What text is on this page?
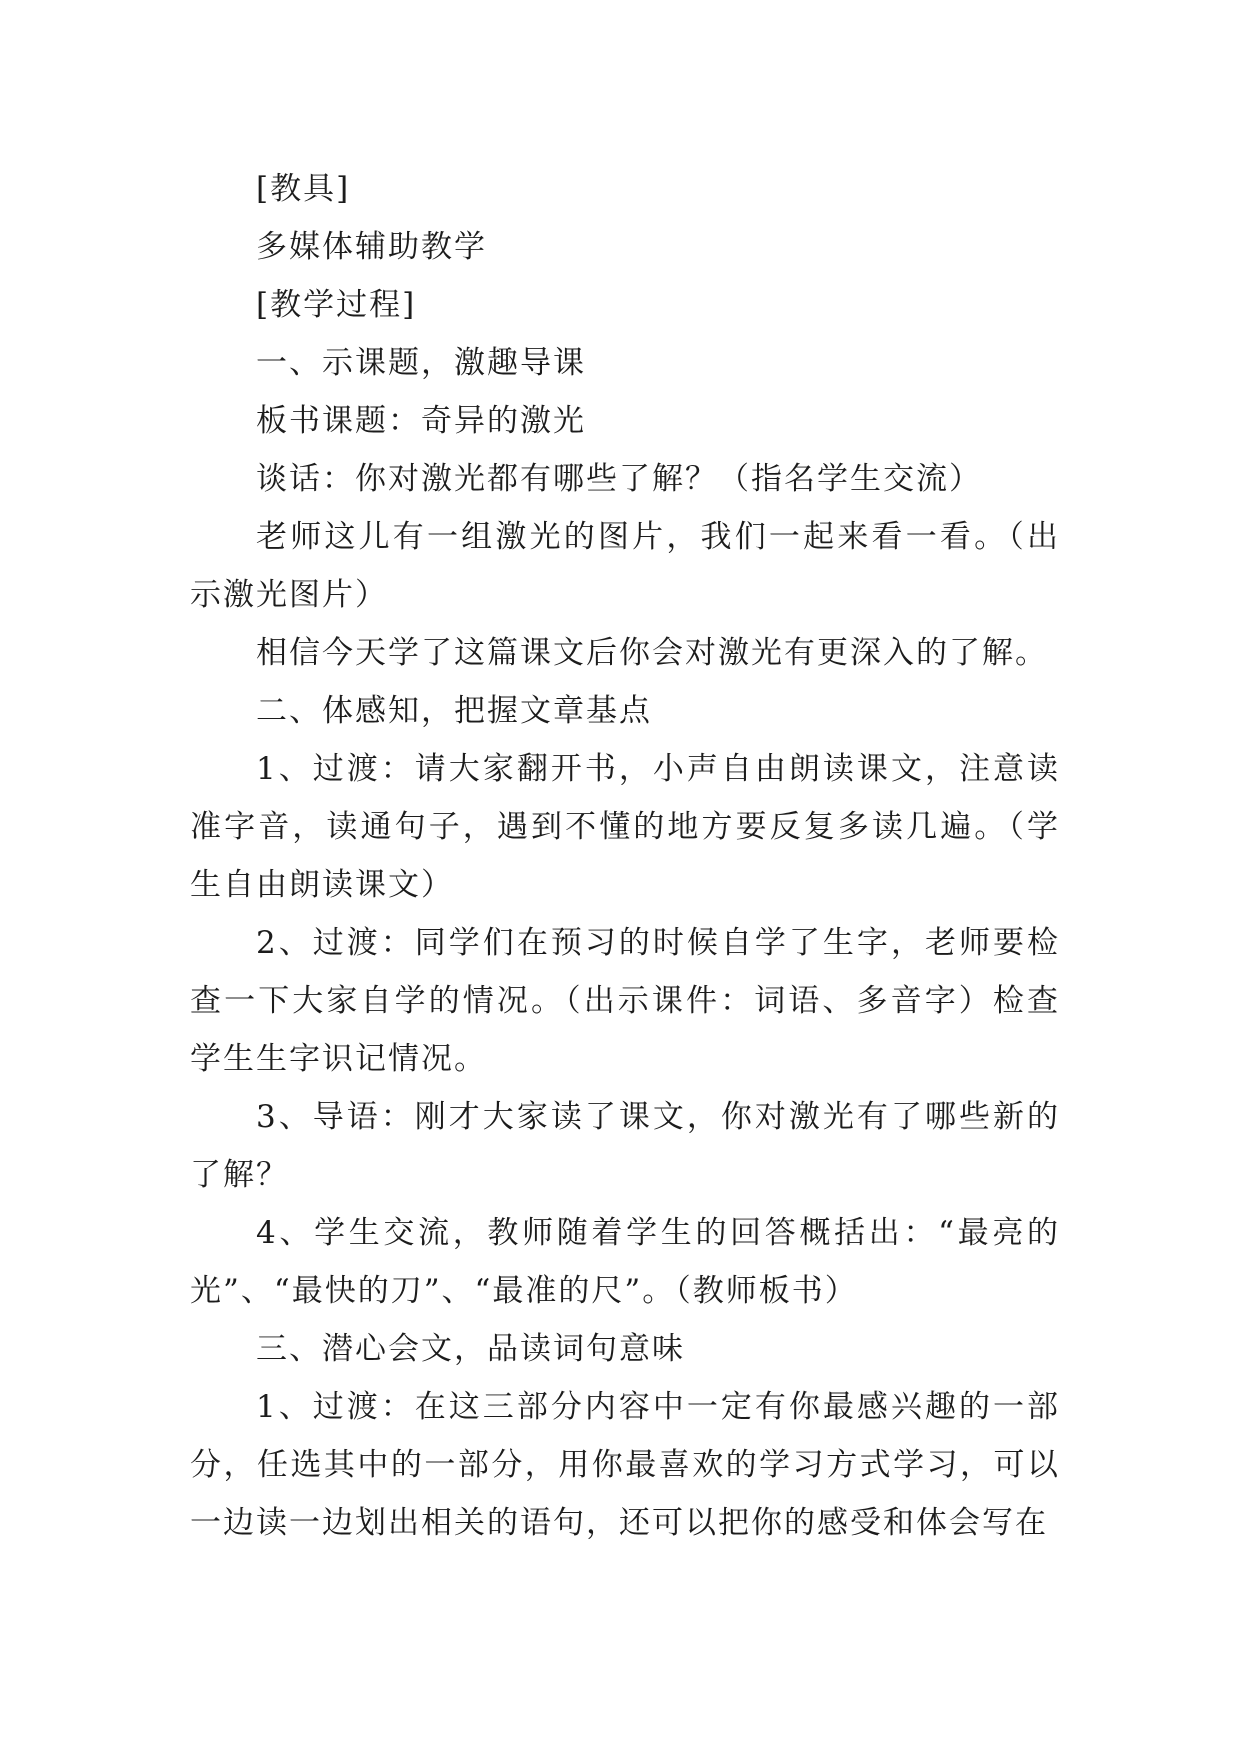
[教具]

多媒体辅助教学

[教学过程]

一、示课题，激趣导课

板书课题：奇异的激光

谈话：你对激光都有哪些了解？（指名学生交流）

老师这儿有一组激光的图片，我们一起来看一看。（出示激光图片）

相信今天学了这篇课文后你会对激光有更深入的了解。

二、体感知，把握文章基点

1、过渡：请大家翻开书，小声自由朗读课文，注意读准字音，读通句子，遇到不懂的地方要反复多读几遍。（学生自由朗读课文）

2、过渡：同学们在预习的时候自学了生字，老师要检查一下大家自学的情况。（出示课件：词语、多音字）检查学生生字识记情况。

3、导语：刚才大家读了课文，你对激光有了哪些新的了解？

4、学生交流，教师随着学生的回答概括出：“最亮的光”、“最快的刀”、“最准的尺”。（教师板书）

三、潜心会文，品读词句意味

1、过渡：在这三部分内容中一定有你最感兴趣的一部分，任选其中的一部分，用你最喜欢的学习方式学习，可以一边读一边划出相关的语句，还可以把你的感受和体会写在
